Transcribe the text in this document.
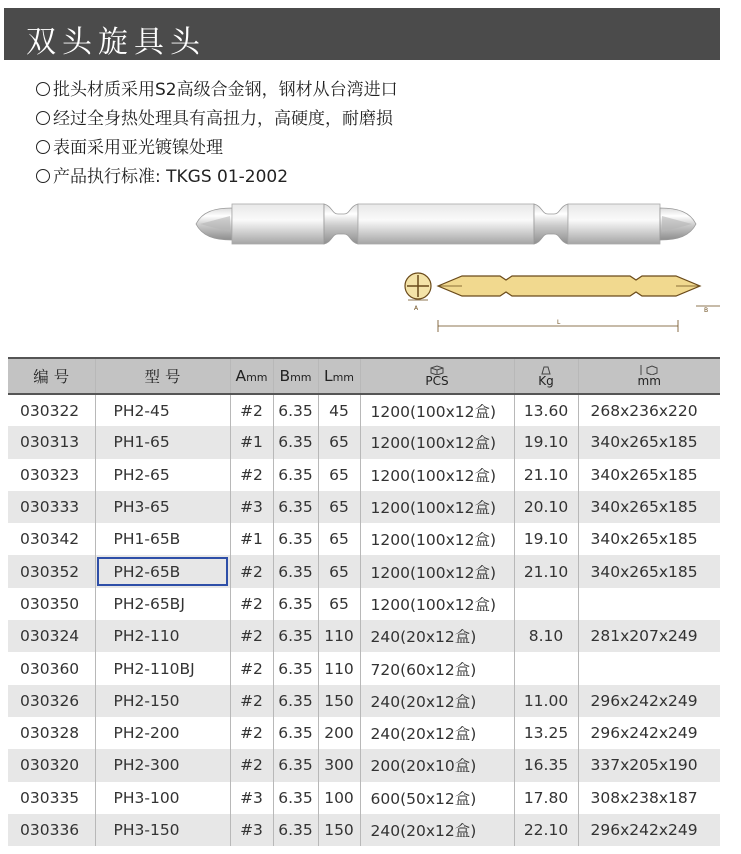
双头旋具头
批头材质采用S2高级合金钢，钢材从台湾进口
经过全身热处理具有高扭力，高硬度，耐磨损
表面采用亚光镀镍处理
产品执行标准: TKGS 01-2002
A
L
B
编 号	型 号	Amm	Bmm	Lmm	PCS	Kg	mm

030322	PH2-45	#2	6.35	45	1200(100x12盒)	13.60	268x236x220
030313	PH1-65	#1	6.35	65	1200(100x12盒)	19.10	340x265x185
030323	PH2-65	#2	6.35	65	1200(100x12盒)	21.10	340x265x185
030333	PH3-65	#3	6.35	65	1200(100x12盒)	20.10	340x265x185
030342	PH1-65B	#1	6.35	65	1200(100x12盒)	19.10	340x265x185
030352	PH2-65B	#2	6.35	65	1200(100x12盒)	21.10	340x265x185
030350	PH2-65BJ	#2	6.35	65	1200(100x12盒)		
030324	PH2-110	#2	6.35	110	240(20x12盒)	8.10	281x207x249
030360	PH2-110BJ	#2	6.35	110	720(60x12盒)		
030326	PH2-150	#2	6.35	150	240(20x12盒)	11.00	296x242x249
030328	PH2-200	#2	6.35	200	240(20x12盒)	13.25	296x242x249
030320	PH2-300	#2	6.35	300	200(20x10盒)	16.35	337x205x190
030335	PH3-100	#3	6.35	100	600(50x12盒)	17.80	308x238x187
030336	PH3-150	#3	6.35	150	240(20x12盒)	22.10	296x242x249
